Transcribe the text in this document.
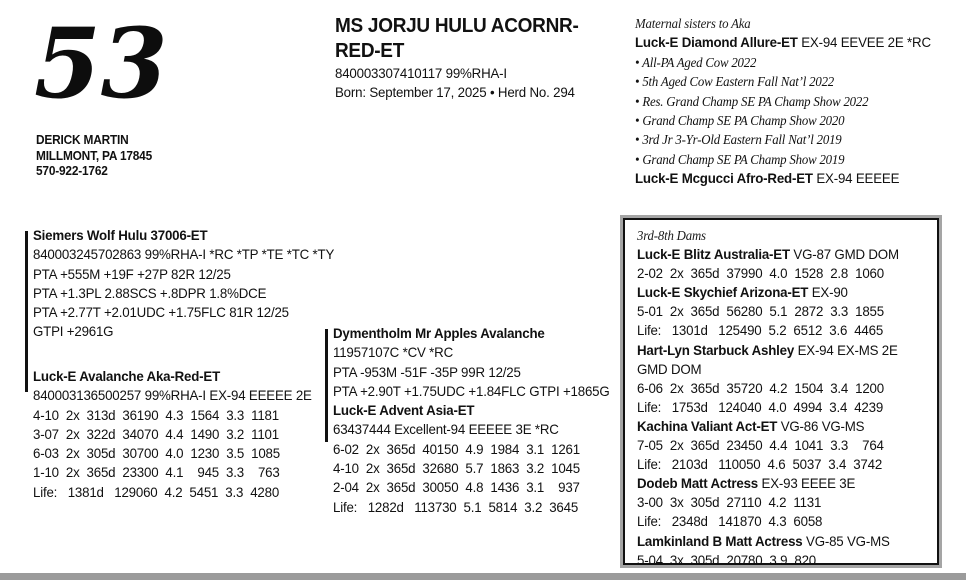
53
DERICK MARTIN
MILLMONT, PA 17845
570-922-1762
MS JORJU HULU ACORNR-RED-ET
840003307410117 99%RHA-I
Born: September 17, 2025 • Herd No. 294
Maternal sisters to Aka
Luck-E Diamond Allure-ET EX-94 EEVEE 2E *RC
• All-PA Aged Cow 2022
• 5th Aged Cow Eastern Fall Nat’l 2022
• Res. Grand Champ SE PA Champ Show 2022
• Grand Champ SE PA Champ Show 2020
• 3rd Jr 3-Yr-Old Eastern Fall Nat’l 2019
• Grand Champ SE PA Champ Show 2019
Luck-E Mcgucci Afro-Red-ET EX-94 EEEEE
Siemers Wolf Hulu 37006-ET
840003245702863 99%RHA-I *RC *TP *TE *TC *TY
PTA +555M +19F +27P 82R 12/25
PTA +1.3PL 2.88SCS +.8DPR 1.8%DCE
PTA +2.77T +2.01UDC +1.75FLC 81R 12/25
GTPI +2961G
Luck-E Avalanche Aka-Red-ET
840003136500257 99%RHA-I EX-94 EEEEE 2E
4-10  2x  313d  36190  4.3  1564  3.3  1181
3-07  2x  322d  34070  4.4  1490  3.2  1101
6-03  2x  305d  30700  4.0  1230  3.5  1085
1-10  2x  365d  23300  4.1    945  3.3    763
Life:   1381d   129060  4.2  5451  3.3  4280
Dymentholm Mr Apples Avalanche
11957107C *CV *RC
PTA -953M -51F -35P 99R 12/25
PTA +2.90T +1.75UDC +1.84FLC GTPI +1865G
Luck-E Advent Asia-ET
63437444 Excellent-94 EEEEE 3E *RC
6-02  2x  365d  40150  4.9  1984  3.1  1261
4-10  2x  365d  32680  5.7  1863  3.2  1045
2-04  2x  365d  30050  4.8  1436  3.1    937
Life:   1282d   113730  5.1  5814  3.2  3645
3rd-8th Dams
Luck-E Blitz Australia-ET VG-87 GMD DOM
2-02  2x  365d  37990  4.0  1528  2.8  1060
Luck-E Skychief Arizona-ET EX-90
5-01  2x  365d  56280  5.1  2872  3.3  1855
Life:   1301d   125490  5.2  6512  3.6  4465
Hart-Lyn Starbuck Ashley EX-94 EX-MS 2E GMD DOM
6-06  2x  365d  35720  4.2  1504  3.4  1200
Life:   1753d   124040  4.0  4994  3.4  4239
Kachina Valiant Act-ET VG-86 VG-MS
7-05  2x  365d  23450  4.4  1041  3.3    764
Life:   2103d   110050  4.6  5037  3.4  3742
Dodeb Matt Actress EX-93 EEEE 3E
3-00  3x  305d  27110  4.2  1131
Life:   2348d   141870  4.3  6058
Lamkinland B Matt Actress VG-85 VG-MS
5-04  3x  305d  20780  3.9  820
